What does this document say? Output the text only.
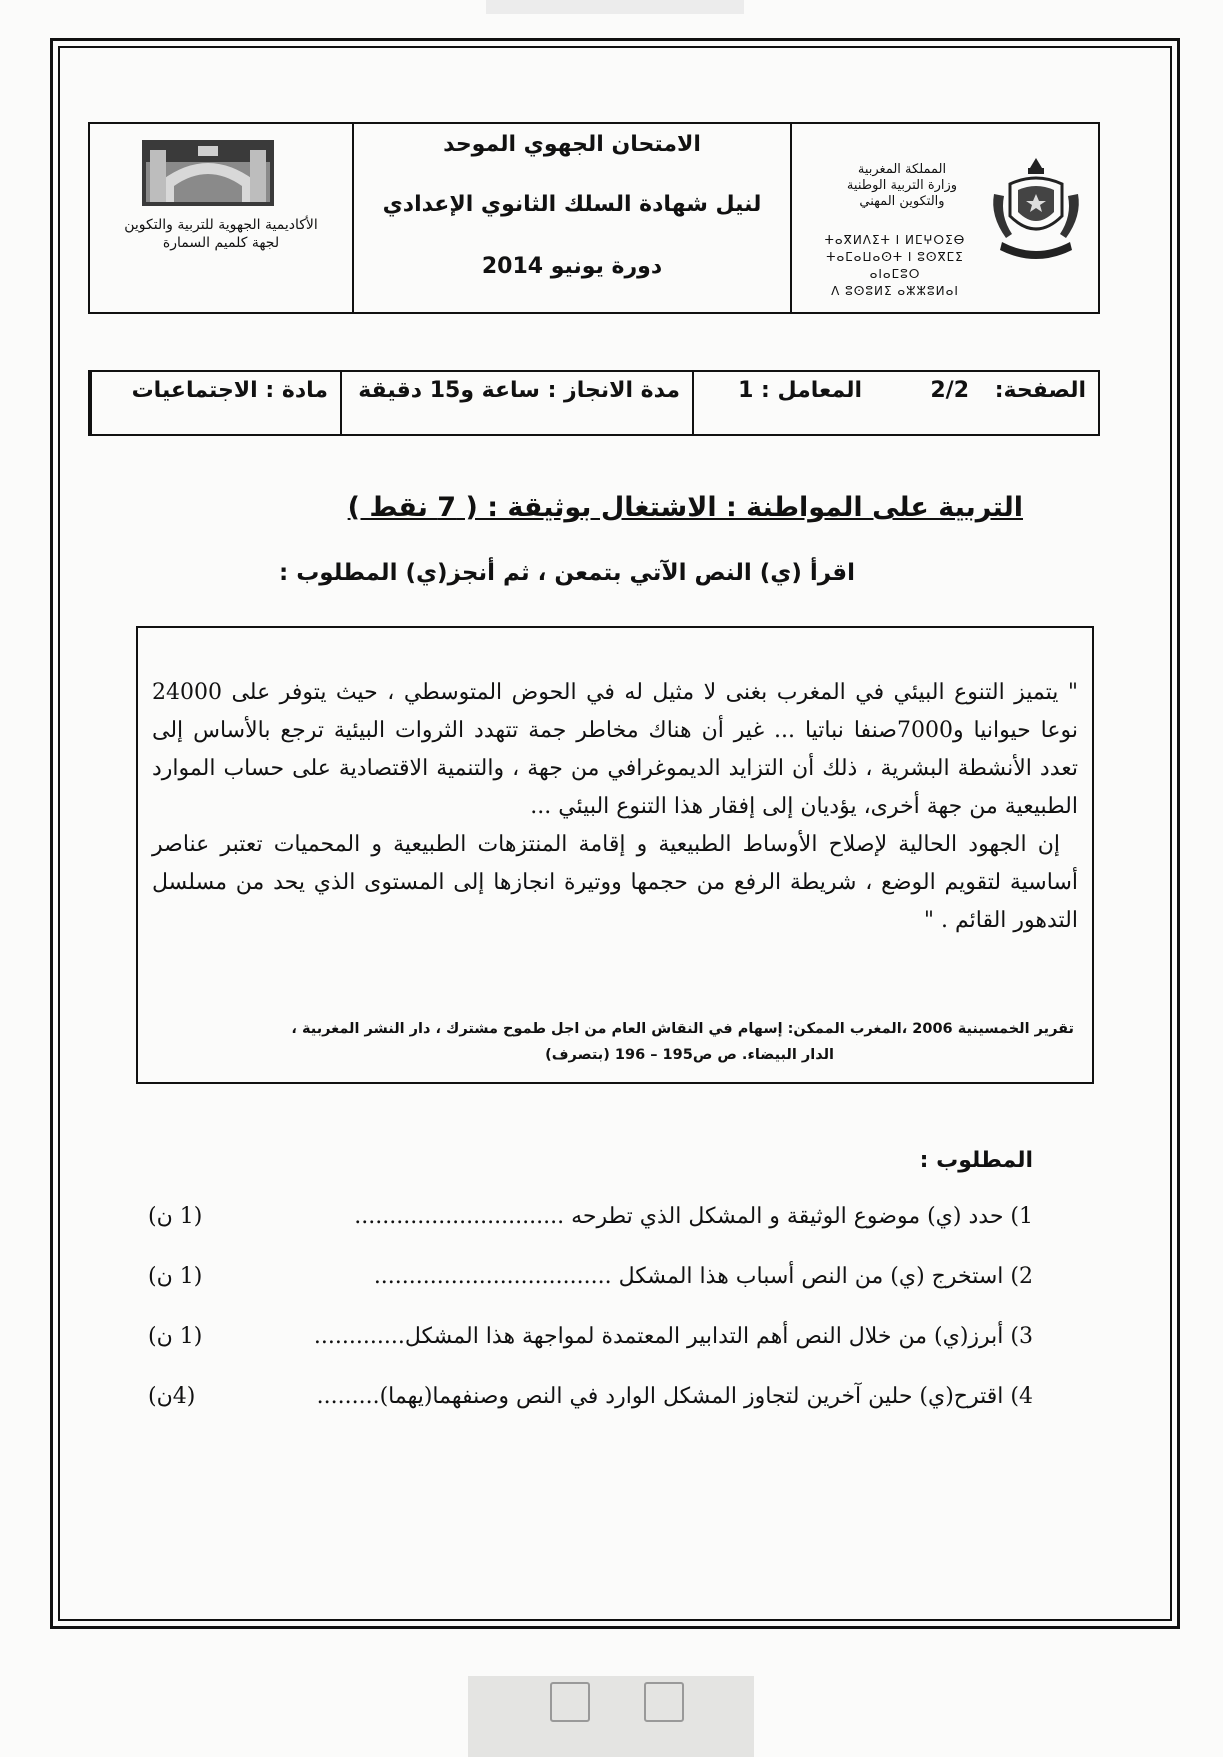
المملكة المغربية
وزارة التربية الوطنية
والتكوين المهني
ⵜⴰⴳⵍⴷⵉⵜ ⵏ ⵍⵎⵖⵔⵉⴱ
ⵜⴰⵎⴰⵡⴰⵙⵜ ⵏ ⵓⵙⴳⵎⵉ ⴰⵏⴰⵎⵓⵔ
ⴷ ⵓⵙⵓⵍⵉ ⴰⵣⵣⵓⵍⴰⵏ
الامتحان الجهوي الموحد
لنيل شهادة السلك الثانوي الإعدادي
دورة يونيو 2014
الأكاديمية الجهوية للتربية والتكوين
لجهة كلميم السمارة
مادة : الاجتماعيات	مدة الانجاز : ساعة و15 دقيقة	المعامل : 1	الصفحة: 2/2
التربية على المواطنة : الاشتغال بوثيقة : ( 7 نقط )
اقرأ (ي) النص الآتي بتمعن ، ثم أنجز(ي) المطلوب :

" يتميز التنوع البيئي في المغرب بغنى لا مثيل له في الحوض المتوسطي ، حيث يتوفر على 24000 نوعا حيوانيا و7000صنفا نباتيا ... غير أن هناك مخاطر جمة تتهدد الثروات البيئية ترجع بالأساس إلى تعدد الأنشطة البشرية ، ذلك أن التزايد الديموغرافي من جهة ، والتنمية الاقتصادية على حساب الموارد الطبيعية من جهة أخرى، يؤديان إلى إفقار هذا التنوع البيئي ...

إن الجهود الحالية لإصلاح الأوساط الطبيعية و إقامة المنتزهات الطبيعية و المحميات تعتبر عناصر أساسية لتقويم الوضع ، شريطة الرفع من حجمها ووتيرة انجازها إلى المستوى الذي يحد من مسلسل التدهور القائم . "

تقرير الخمسينية 2006 ،المغرب الممكن: إسهام في النقاش العام من اجل طموح مشترك ، دار النشر المغربية ،
الدار البيضاء. ص ص195 – 196 (بتصرف)
المطلوب :
1) حدد (ي) موضوع الوثيقة و المشكل الذي تطرحه ..............................
(1 ن)
2) استخرج (ي) من النص أسباب هذا المشكل ..................................
(1 ن)
3) أبرز(ي) من خلال النص أهم التدابير المعتمدة لمواجهة هذا المشكل.............
(1 ن)
4) اقترح(ي) حلين آخرين لتجاوز المشكل الوارد في النص وصنفهما(يهما).........
(4ن)
